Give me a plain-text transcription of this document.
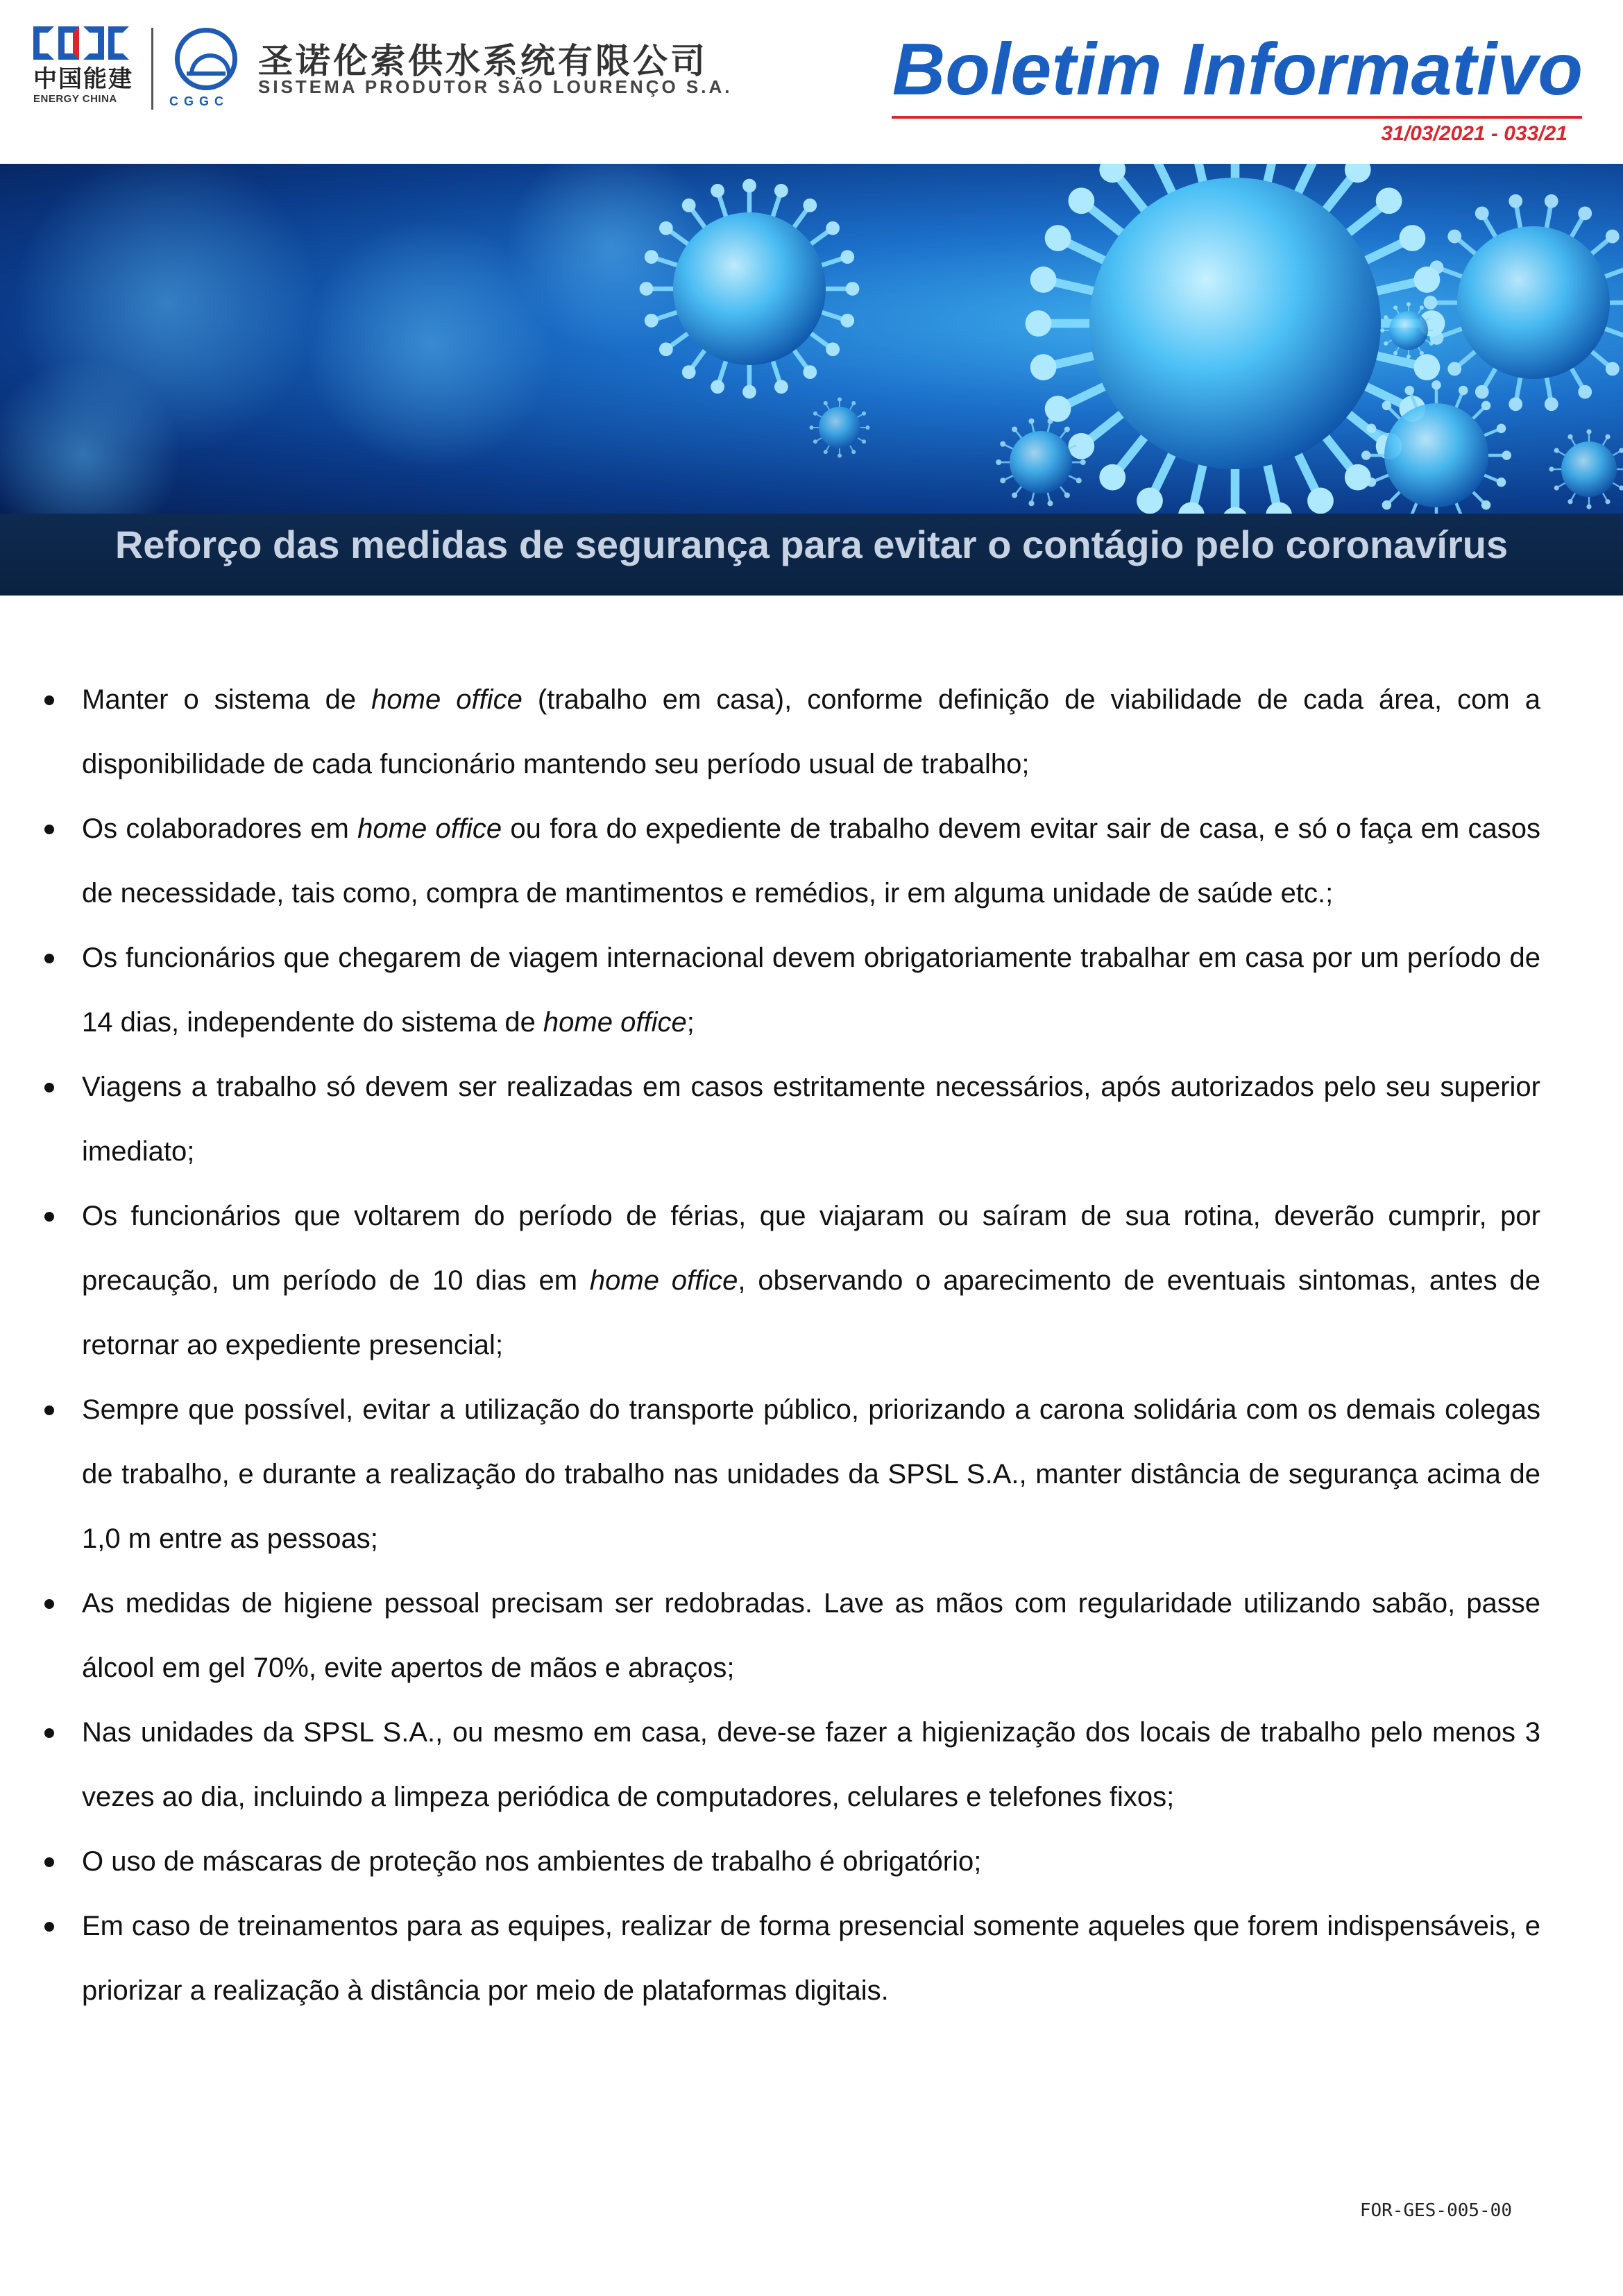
中国能建
ENERGY CHINA	CGGC
圣诺伦索供水系统有限公司
SISTEMA PRODUTOR SÃO LOURENÇO S.A. Boletim Informativo
31/03/2021 - 033/21
Reforço das medidas de segurança para evitar o contágio pelo coronavírus
Manter o sistema de home office (trabalho em casa), conforme definição de viabilidade de cada área, com a disponibilidade de cada funcionário mantendo seu período usual de trabalho;
Os colaboradores em home office ou fora do expediente de trabalho devem evitar sair de casa, e só o faça em casos de necessidade, tais como, compra de mantimentos e remédios, ir em alguma unidade de saúde etc.;
Os funcionários que chegarem de viagem internacional devem obrigatoriamente trabalhar em casa por um período de 14 dias, independente do sistema de home office;
Viagens a trabalho só devem ser realizadas em casos estritamente necessários, após autorizados pelo seu superior imediato;
Os funcionários que voltarem do período de férias, que viajaram ou saíram de sua rotina, deverão cumprir, por precaução, um período de 10 dias em home office, observando o aparecimento de eventuais sintomas, antes de retornar ao expediente presencial;
Sempre que possível, evitar a utilização do transporte público, priorizando a carona solidária com os demais colegas de trabalho, e durante a realização do trabalho nas unidades da SPSL S.A., manter distância de segurança acima de 1,0 m entre as pessoas;
As medidas de higiene pessoal precisam ser redobradas. Lave as mãos com regularidade utilizando sabão, passe álcool em gel 70%, evite apertos de mãos e abraços;
Nas unidades da SPSL S.A., ou mesmo em casa, deve-se fazer a higienização dos locais de trabalho pelo menos 3 vezes ao dia, incluindo a limpeza periódica de computadores, celulares e telefones fixos;
O uso de máscaras de proteção nos ambientes de trabalho é obrigatório;
Em caso de treinamentos para as equipes, realizar de forma presencial somente aqueles que forem indispensáveis, e priorizar a realização à distância por meio de plataformas digitais.
FOR-GES-005-00
